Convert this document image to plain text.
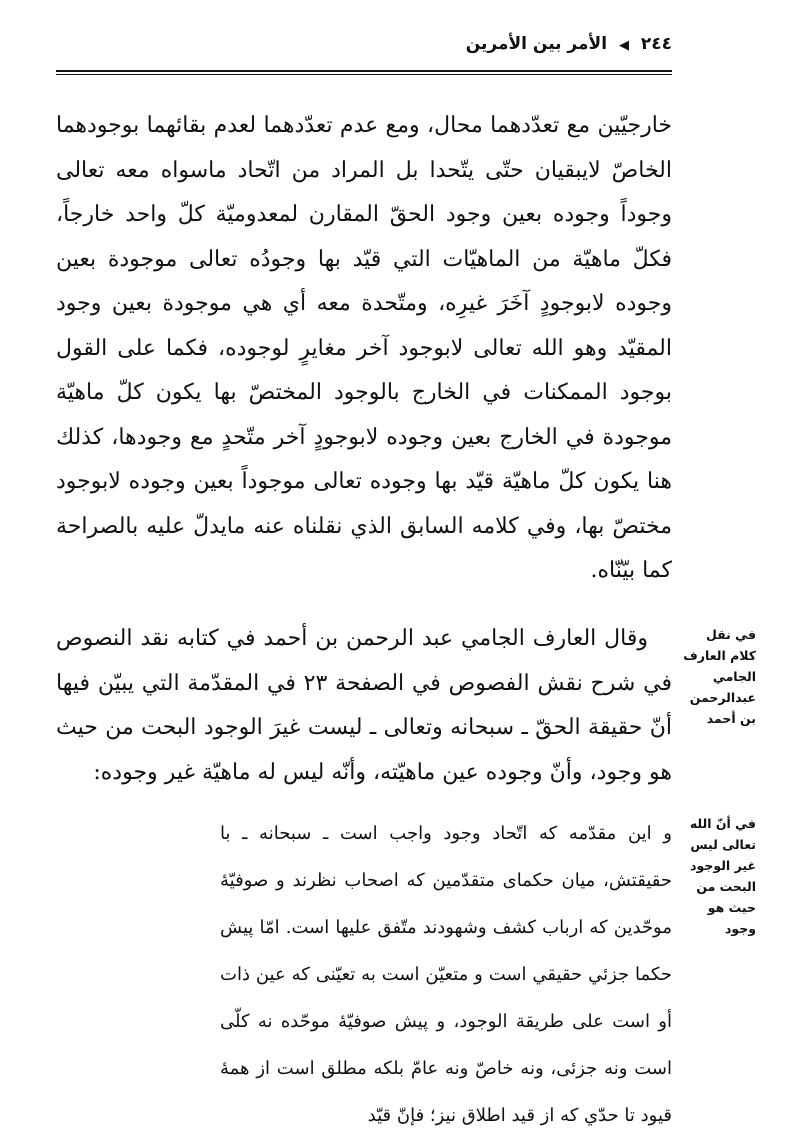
٢٤٤ ◀ الأمر بين الأمرين

خارجيّين مع تعدّدهما محال، ومع عدم تعدّدهما لعدم بقائهما بوجودهما الخاصّ لايبقيان حتّى يتّحدا بل المراد من اتّحاد ماسواه معه تعالى وجوداً وجوده بعين وجود الحقّ المقارن لمعدوميّة كلّ واحد خارجاً، فكلّ ماهيّة من الماهيّات التي قيّد بها وجودُه تعالى موجودة بعين وجوده لابوجودٍ آخَرَ غيرِه، ومتّحدة معه أي هي موجودة بعين وجود المقيّد وهو الله تعالى لابوجود آخر مغايرٍ لوجوده، فكما على القول بوجود الممكنات في الخارج بالوجود المختصّ بها يكون كلّ ماهيّة موجودة في الخارج بعين وجوده لابوجودٍ آخر متّحدٍ مع وجودها، كذلك هنا يكون كلّ ماهيّة قيّد بها وجوده تعالى موجوداً بعين وجوده لابوجود مختصّ بها، وفي كلامه السابق الذي نقلناه عنه مايدلّ عليه بالصراحة كما بيّنّاه.

في نقل كلام العارف الجامي عبدالرحمن بن أحمد

وقال العارف الجامي عبد الرحمن بن أحمد في كتابه نقد النصوص في شرح نقش الفصوص في الصفحة ٢٣ في المقدّمة التي يبيّن فيها أنّ حقيقة الحقّ ـ سبحانه وتعالى ـ ليست غيرَ الوجود البحت من حيث هو وجود، وأنّ وجوده عين ماهيّته، وأنّه ليس له ماهيّة غير وجوده:

في أنّ الله تعالى ليس غير الوجود البحت من حيث هو وجود

و اين مقدّمه كه اتّحاد وجود واجب است ـ سبحانه ـ با حقيقتش، ميان حكماى متقدّمين كه اصحاب نظرند و صوفيّهٔ موحّدين كه ارباب كشف وشهودند متّفق عليها است. امّا پيش حكما جزئي حقيقي است و متعيّن است به تعيّنى كه عين ذات أو است على طريقة الوجود، و پيش صوفيّهٔ موحّده نه كلّى است ونه جزئى، ونه خاصّ ونه عامّ بلكه مطلق است از همهٔ قيود تا حدّي كه از قيد اطلاق نيز؛ فإنّ قيّد
